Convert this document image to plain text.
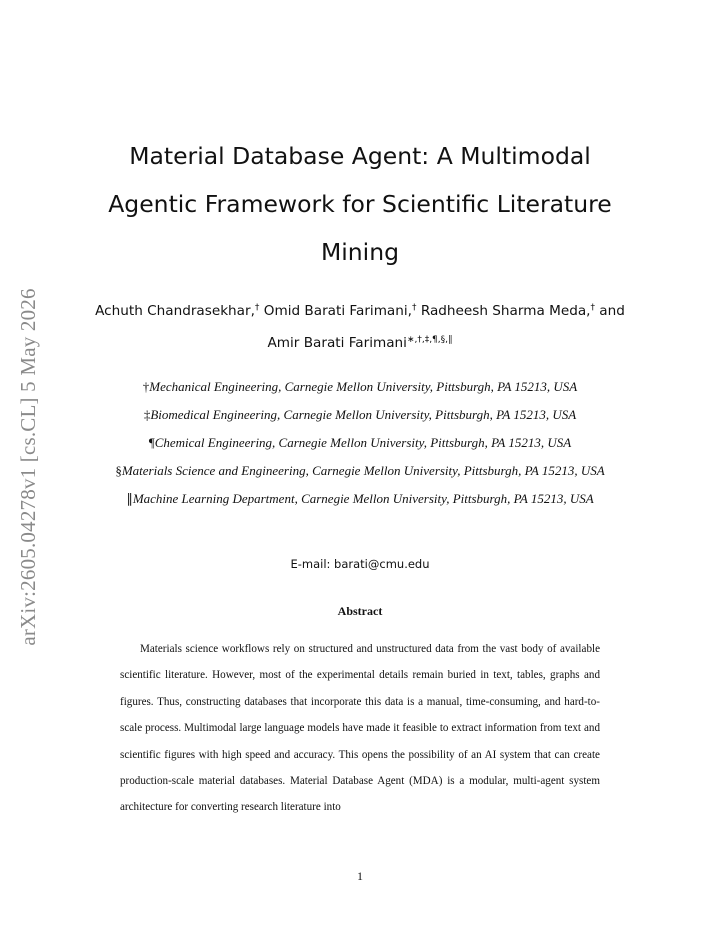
arXiv:2605.04278v1 [cs.CL] 5 May 2026
Material Database Agent: A Multimodal
Agentic Framework for Scientific Literature
Mining
Achuth Chandrasekhar,† Omid Barati Farimani,† Radheesh Sharma Meda,† and
Amir Barati Farimani∗,†,‡,¶,§,∥
†Mechanical Engineering, Carnegie Mellon University, Pittsburgh, PA 15213, USA
‡Biomedical Engineering, Carnegie Mellon University, Pittsburgh, PA 15213, USA
¶Chemical Engineering, Carnegie Mellon University, Pittsburgh, PA 15213, USA
§Materials Science and Engineering, Carnegie Mellon University, Pittsburgh, PA 15213, USA
∥Machine Learning Department, Carnegie Mellon University, Pittsburgh, PA 15213, USA
E-mail: barati@cmu.edu
Abstract

Materials science workflows rely on structured and unstructured data from the vast body of available scientific literature. However, most of the experimental details remain buried in text, tables, graphs and figures. Thus, constructing databases that incorporate this data is a manual, time-consuming, and hard-to-scale process. Multimodal large language models have made it feasible to extract information from text and scientific figures with high speed and accuracy. This opens the possibility of an AI system that can create production-scale material databases. Material Database Agent (MDA) is a modular, multi-agent system architecture for converting research literature into

1
